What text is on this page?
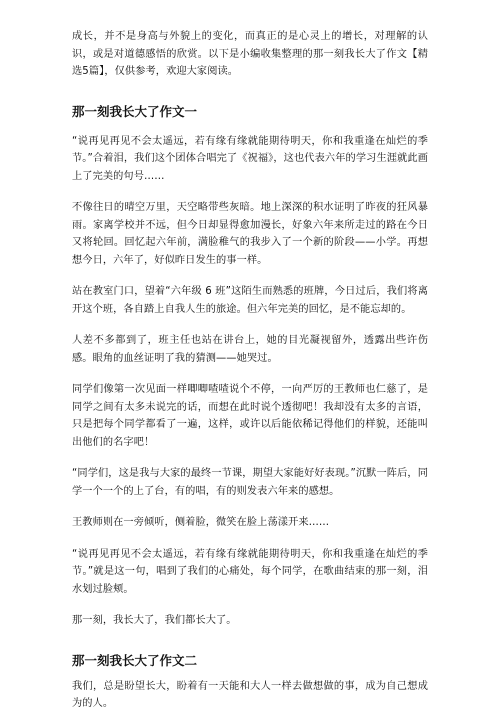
成长，并不是身高与外貌上的变化，而真正的是心灵上的增长，对理解的认识，或是对道德感悟的欣赏。以下是小编收集整理的那一刻我长大了作文【精选5篇】，仅供参考，欢迎大家阅读。

那一刻我长大了作文一

“说再见再见不会太遥远，若有缘有缘就能期待明天，你和我重逢在灿烂的季节。”合着泪，我们这个团体合唱完了《祝福》，这也代表六年的学习生涯就此画上了完美的句号……

不像往日的晴空万里，天空略带些灰暗。地上深深的积水证明了昨夜的狂风暴雨。家离学校并不远，但今日却显得愈加漫长，好象六年来所走过的路在今日又将轮回。回忆起六年前，满脸稚气的我步入了一个新的阶段——小学。再想想今日，六年了，好似昨日发生的事一样。

站在教室门口，望着“六年级 6 班”这陌生而熟悉的班牌，今日过后，我们将离开这个班，各自踏上自我人生的旅途。但六年完美的回忆，是不能忘却的。

人差不多都到了，班主任也站在讲台上，她的目光凝视留外，透露出些许伤感。眼角的血丝证明了我的猜测——她哭过。

同学们像第一次见面一样唧唧喳喳说个不停，一向严厉的王教师也仁慈了，是同学之间有太多未说完的话，而想在此时说个透彻吧！我却没有太多的言语，只是把每个同学都看了一遍，这样，或许以后能依稀记得他们的样貌，还能叫出他们的名字吧！

“同学们，这是我与大家的最终一节课，期望大家能好好表现。”沉默一阵后，同学一个一个的上了台，有的唱，有的则发表六年来的感想。

王教师则在一旁倾听，侧着脸，微笑在脸上荡漾开来……

“说再见再见不会太遥远，若有缘有缘就能期待明天，你和我重逢在灿烂的季节。”就是这一句，唱到了我们的心痛处，每个同学，在歌曲结束的那一刻，泪水划过脸颊。

那一刻，我长大了，我们都长大了。

那一刻我长大了作文二

我们，总是盼望长大，盼着有一天能和大人一样去做想做的事，成为自己想成为的人。
